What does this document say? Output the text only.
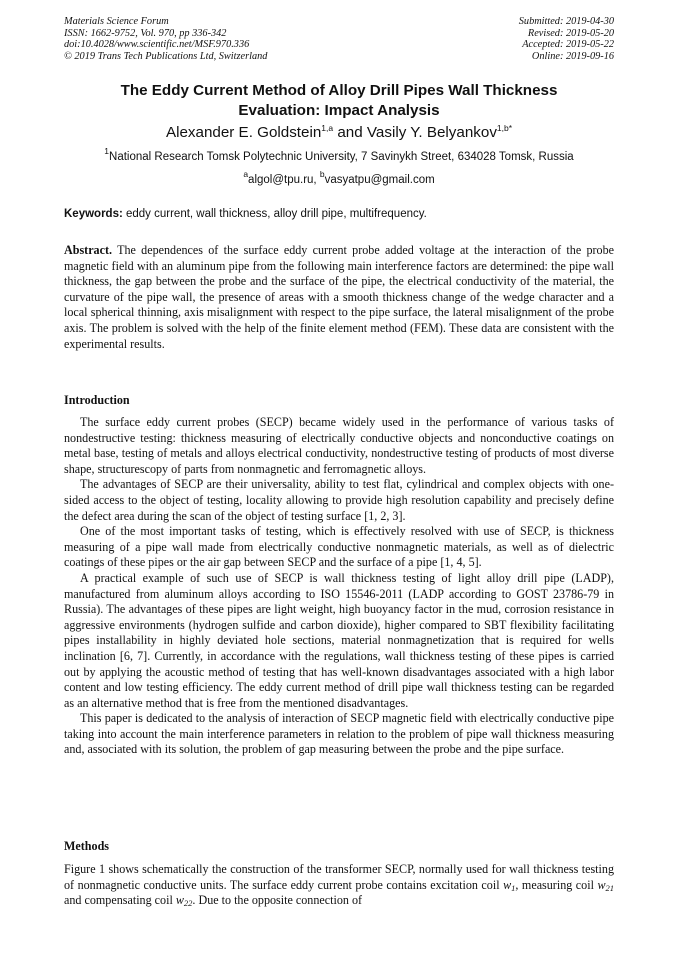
Materials Science Forum
ISSN: 1662-9752, Vol. 970, pp 336-342
doi:10.4028/www.scientific.net/MSF.970.336
© 2019 Trans Tech Publications Ltd, Switzerland
Submitted: 2019-04-30
Revised: 2019-05-20
Accepted: 2019-05-22
Online: 2019-09-16
The Eddy Current Method of Alloy Drill Pipes Wall Thickness
Evaluation: Impact Analysis
Alexander E. Goldstein$^{1,a}$ and Vasily Y. Belyankov$^{1,b*}$
$^1$National Research Tomsk Polytechnic University, 7 Savinykh Street, 634028 Tomsk, Russia
$^a$algol@tpu.ru, $^b$vasyatpu@gmail.com
Keywords: eddy current, wall thickness, alloy drill pipe, multifrequency.
Abstract. The dependences of the surface eddy current probe added voltage at the interaction of the probe magnetic field with an aluminum pipe from the following main interference factors are determined: the pipe wall thickness, the gap between the probe and the surface of the pipe, the electrical conductivity of the material, the curvature of the pipe wall, the presence of areas with a smooth thickness change of the wedge character and a local spherical thinning, axis misalignment with respect to the pipe surface, the lateral misalignment of the probe axis. The problem is solved with the help of the finite element method (FEM). These data are consistent with the experimental results.
Introduction

The surface eddy current probes (SECP) became widely used in the performance of various tasks of nondestructive testing: thickness measuring of electrically conductive objects and nonconductive coatings on metal base, testing of metals and alloys electrical conductivity, nondestructive testing of products of most diverse shape, structurescopy of parts from nonmagnetic and ferromagnetic alloys.

The advantages of SECP are their universality, ability to test flat, cylindrical and complex objects with one-sided access to the object of testing, locality allowing to provide high resolution capability and precisely define the defect area during the scan of the object of testing surface [1, 2, 3].

One of the most important tasks of testing, which is effectively resolved with use of SECP, is thickness measuring of a pipe wall made from electrically conductive nonmagnetic materials, as well as of dielectric coatings of these pipes or the air gap between SECP and the surface of a pipe [1, 4, 5].

A practical example of such use of SECP is wall thickness testing of light alloy drill pipe (LADP), manufactured from aluminum alloys according to ISO 15546-2011 (LADP according to GOST 23786-79 in Russia). The advantages of these pipes are light weight, high buoyancy factor in the mud, corrosion resistance in aggressive environments (hydrogen sulfide and carbon dioxide), higher compared to SBT flexibility facilitating pipes installability in highly deviated hole sections, material nonmagnetization that is required for wells inclination [6, 7]. Currently, in accordance with the regulations, wall thickness testing of these pipes is carried out by applying the acoustic method of testing that has well-known disadvantages associated with a high labor content and low testing efficiency. The eddy current method of drill pipe wall thickness testing can be regarded as an alternative method that is free from the mentioned disadvantages.

This paper is dedicated to the analysis of interaction of SECP magnetic field with electrically conductive pipe taking into account the main interference parameters in relation to the problem of pipe wall thickness measuring and, associated with its solution, the problem of gap measuring between the probe and the pipe surface.

Methods

Figure 1 shows schematically the construction of the transformer SECP, normally used for wall thickness testing of nonmagnetic conductive units. The surface eddy current probe contains excitation coil $w_1$, measuring coil $w_{21}$ and compensating coil $w_{22}$. Due to the opposite connection of
